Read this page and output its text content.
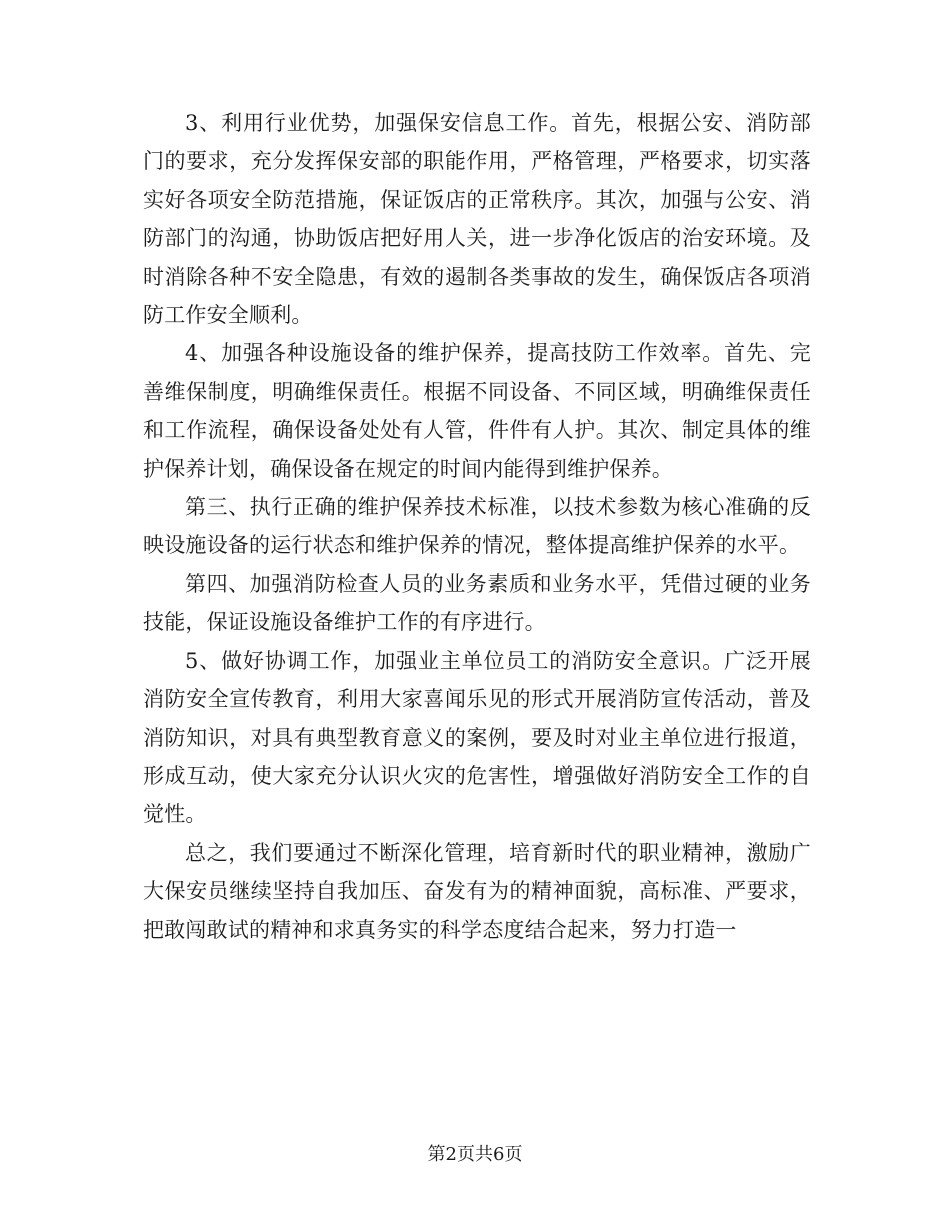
3、利用行业优势，加强保安信息工作。首先，根据公安、消防部门的要求，充分发挥保安部的职能作用，严格管理，严格要求，切实落实好各项安全防范措施，保证饭店的正常秩序。其次，加强与公安、消防部门的沟通，协助饭店把好用人关，进一步净化饭店的治安环境。及时消除各种不安全隐患，有效的遏制各类事故的发生，确保饭店各项消防工作安全顺利。

4、加强各种设施设备的维护保养，提高技防工作效率。首先、完善维保制度，明确维保责任。根据不同设备、不同区域，明确维保责任和工作流程，确保设备处处有人管，件件有人护。其次、制定具体的维护保养计划，确保设备在规定的时间内能得到维护保养。

第三、执行正确的维护保养技术标准，以技术参数为核心准确的反映设施设备的运行状态和维护保养的情况，整体提高维护保养的水平。

第四、加强消防检查人员的业务素质和业务水平，凭借过硬的业务技能，保证设施设备维护工作的有序进行。

5、做好协调工作，加强业主单位员工的消防安全意识。广泛开展消防安全宣传教育，利用大家喜闻乐见的形式开展消防宣传活动，普及消防知识，对具有典型教育意义的案例，要及时对业主单位进行报道，形成互动，使大家充分认识火灾的危害性，增强做好消防安全工作的自觉性。

总之，我们要通过不断深化管理，培育新时代的职业精神，激励广大保安员继续坚持自我加压、奋发有为的精神面貌，高标准、严要求，把敢闯敢试的精神和求真务实的科学态度结合起来，努力打造一

第2页共6页
